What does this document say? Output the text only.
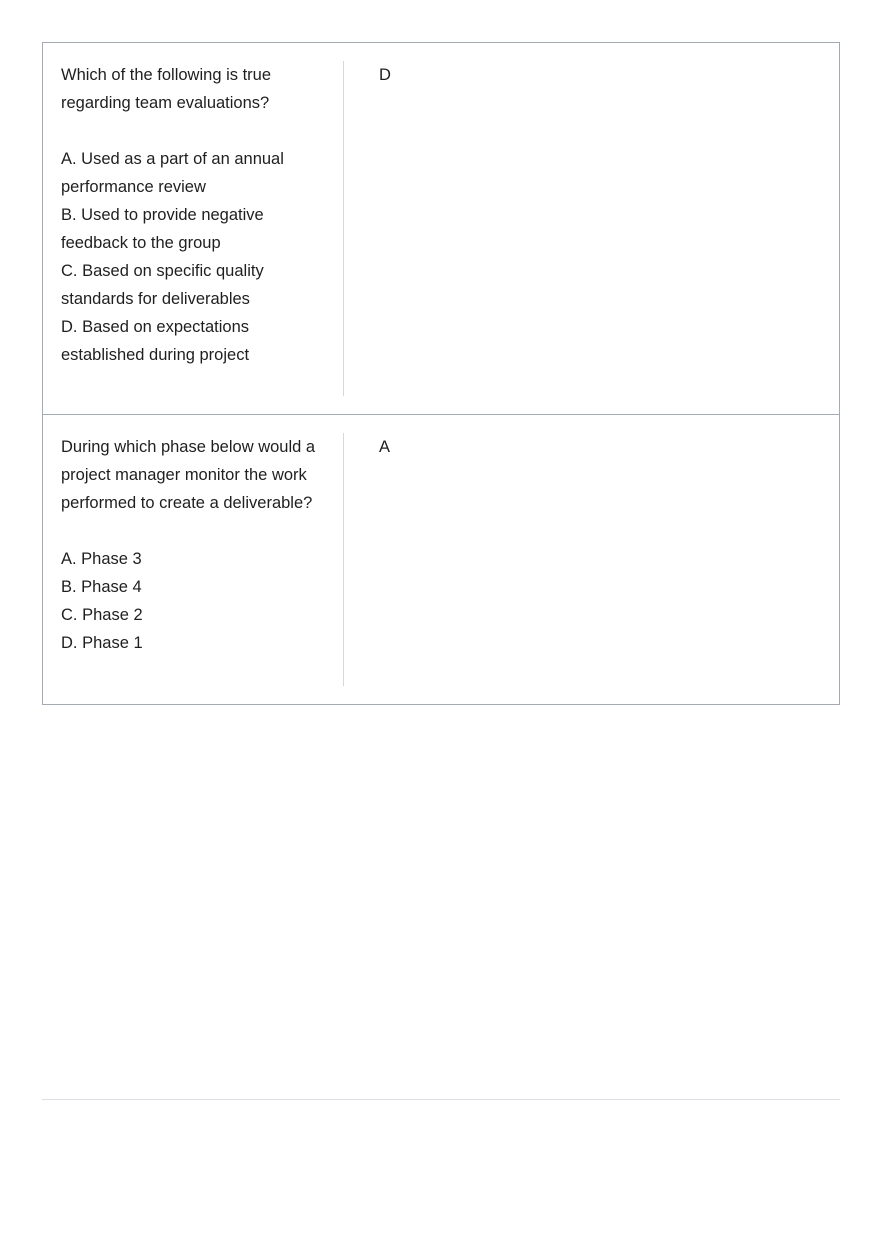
Which of the following is true regarding team evaluations?

A. Used as a part of an annual performance review
B. Used to provide negative feedback to the group
C. Based on specific quality standards for deliverables
D. Based on expectations established during project
D

During which phase below would a project manager monitor the work performed to create a deliverable?

A. Phase 3
B. Phase 4
C. Phase 2
D. Phase 1
A
